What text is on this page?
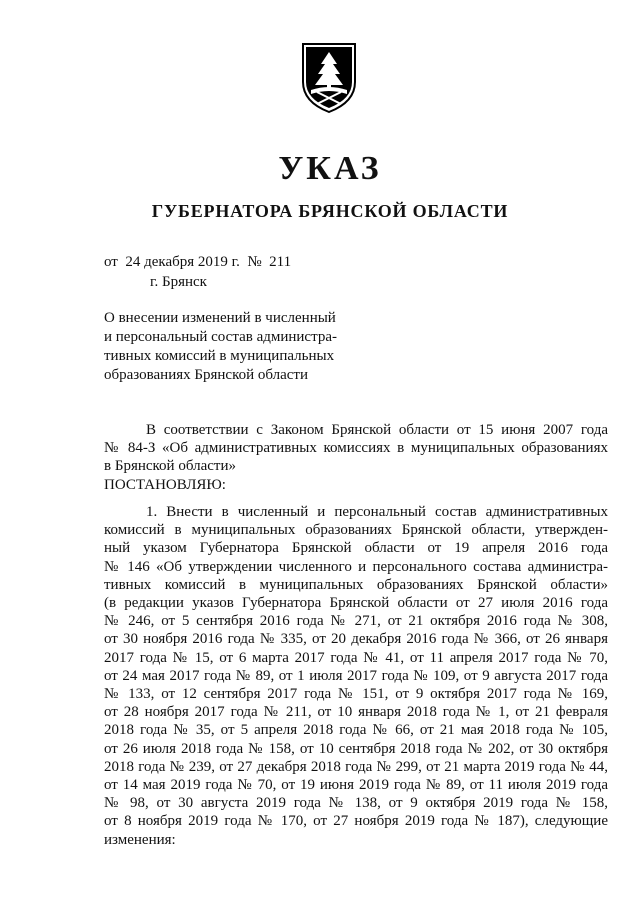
УКАЗ
ГУБЕРНАТОРА БРЯНСКОЙ ОБЛАСТИ
от  24 декабря 2019 г.  №  211
г. Брянск
О внесении изменений в численный
и персональный состав администра-
тивных комиссий в муниципальных
образованиях Брянской области
В соответствии с Законом Брянской области от 15 июня 2007 года
№ 84-З «Об административных комиссиях в муниципальных образованиях
в Брянской области»
ПОСТАНОВЛЯЮ:
1. Внести в численный и персональный состав административных
комиссий в муниципальных образованиях Брянской области, утвержден-
ный указом Губернатора Брянской области от 19 апреля 2016 года
№ 146 «Об утверждении численного и персонального состава администра-
тивных комиссий в муниципальных образованиях Брянской области»
(в редакции указов Губернатора Брянской области от 27 июля 2016 года
№ 246, от 5 сентября 2016 года № 271, от 21 октября 2016 года № 308,
от 30 ноября 2016 года № 335, от 20 декабря 2016 года № 366, от 26 января
2017 года № 15, от 6 марта 2017 года № 41, от 11 апреля 2017 года № 70,
от 24 мая 2017 года № 89, от 1 июля 2017 года № 109, от 9 августа 2017 года
№ 133, от 12 сентября 2017 года № 151, от 9 октября 2017 года № 169,
от 28 ноября 2017 года № 211, от 10 января 2018 года № 1, от 21 февраля
2018 года № 35, от 5 апреля 2018 года № 66, от 21 мая 2018 года № 105,
от 26 июля 2018 года № 158, от 10 сентября 2018 года № 202, от 30 октября
2018 года № 239, от 27 декабря 2018 года № 299, от 21 марта 2019 года № 44,
от 14 мая 2019 года № 70, от 19 июня 2019 года № 89, от 11 июля 2019 года
№ 98, от 30 августа 2019 года № 138, от 9 октября 2019 года № 158,
от 8 ноября 2019 года № 170, от 27 ноября 2019 года № 187), следующие
изменения:
